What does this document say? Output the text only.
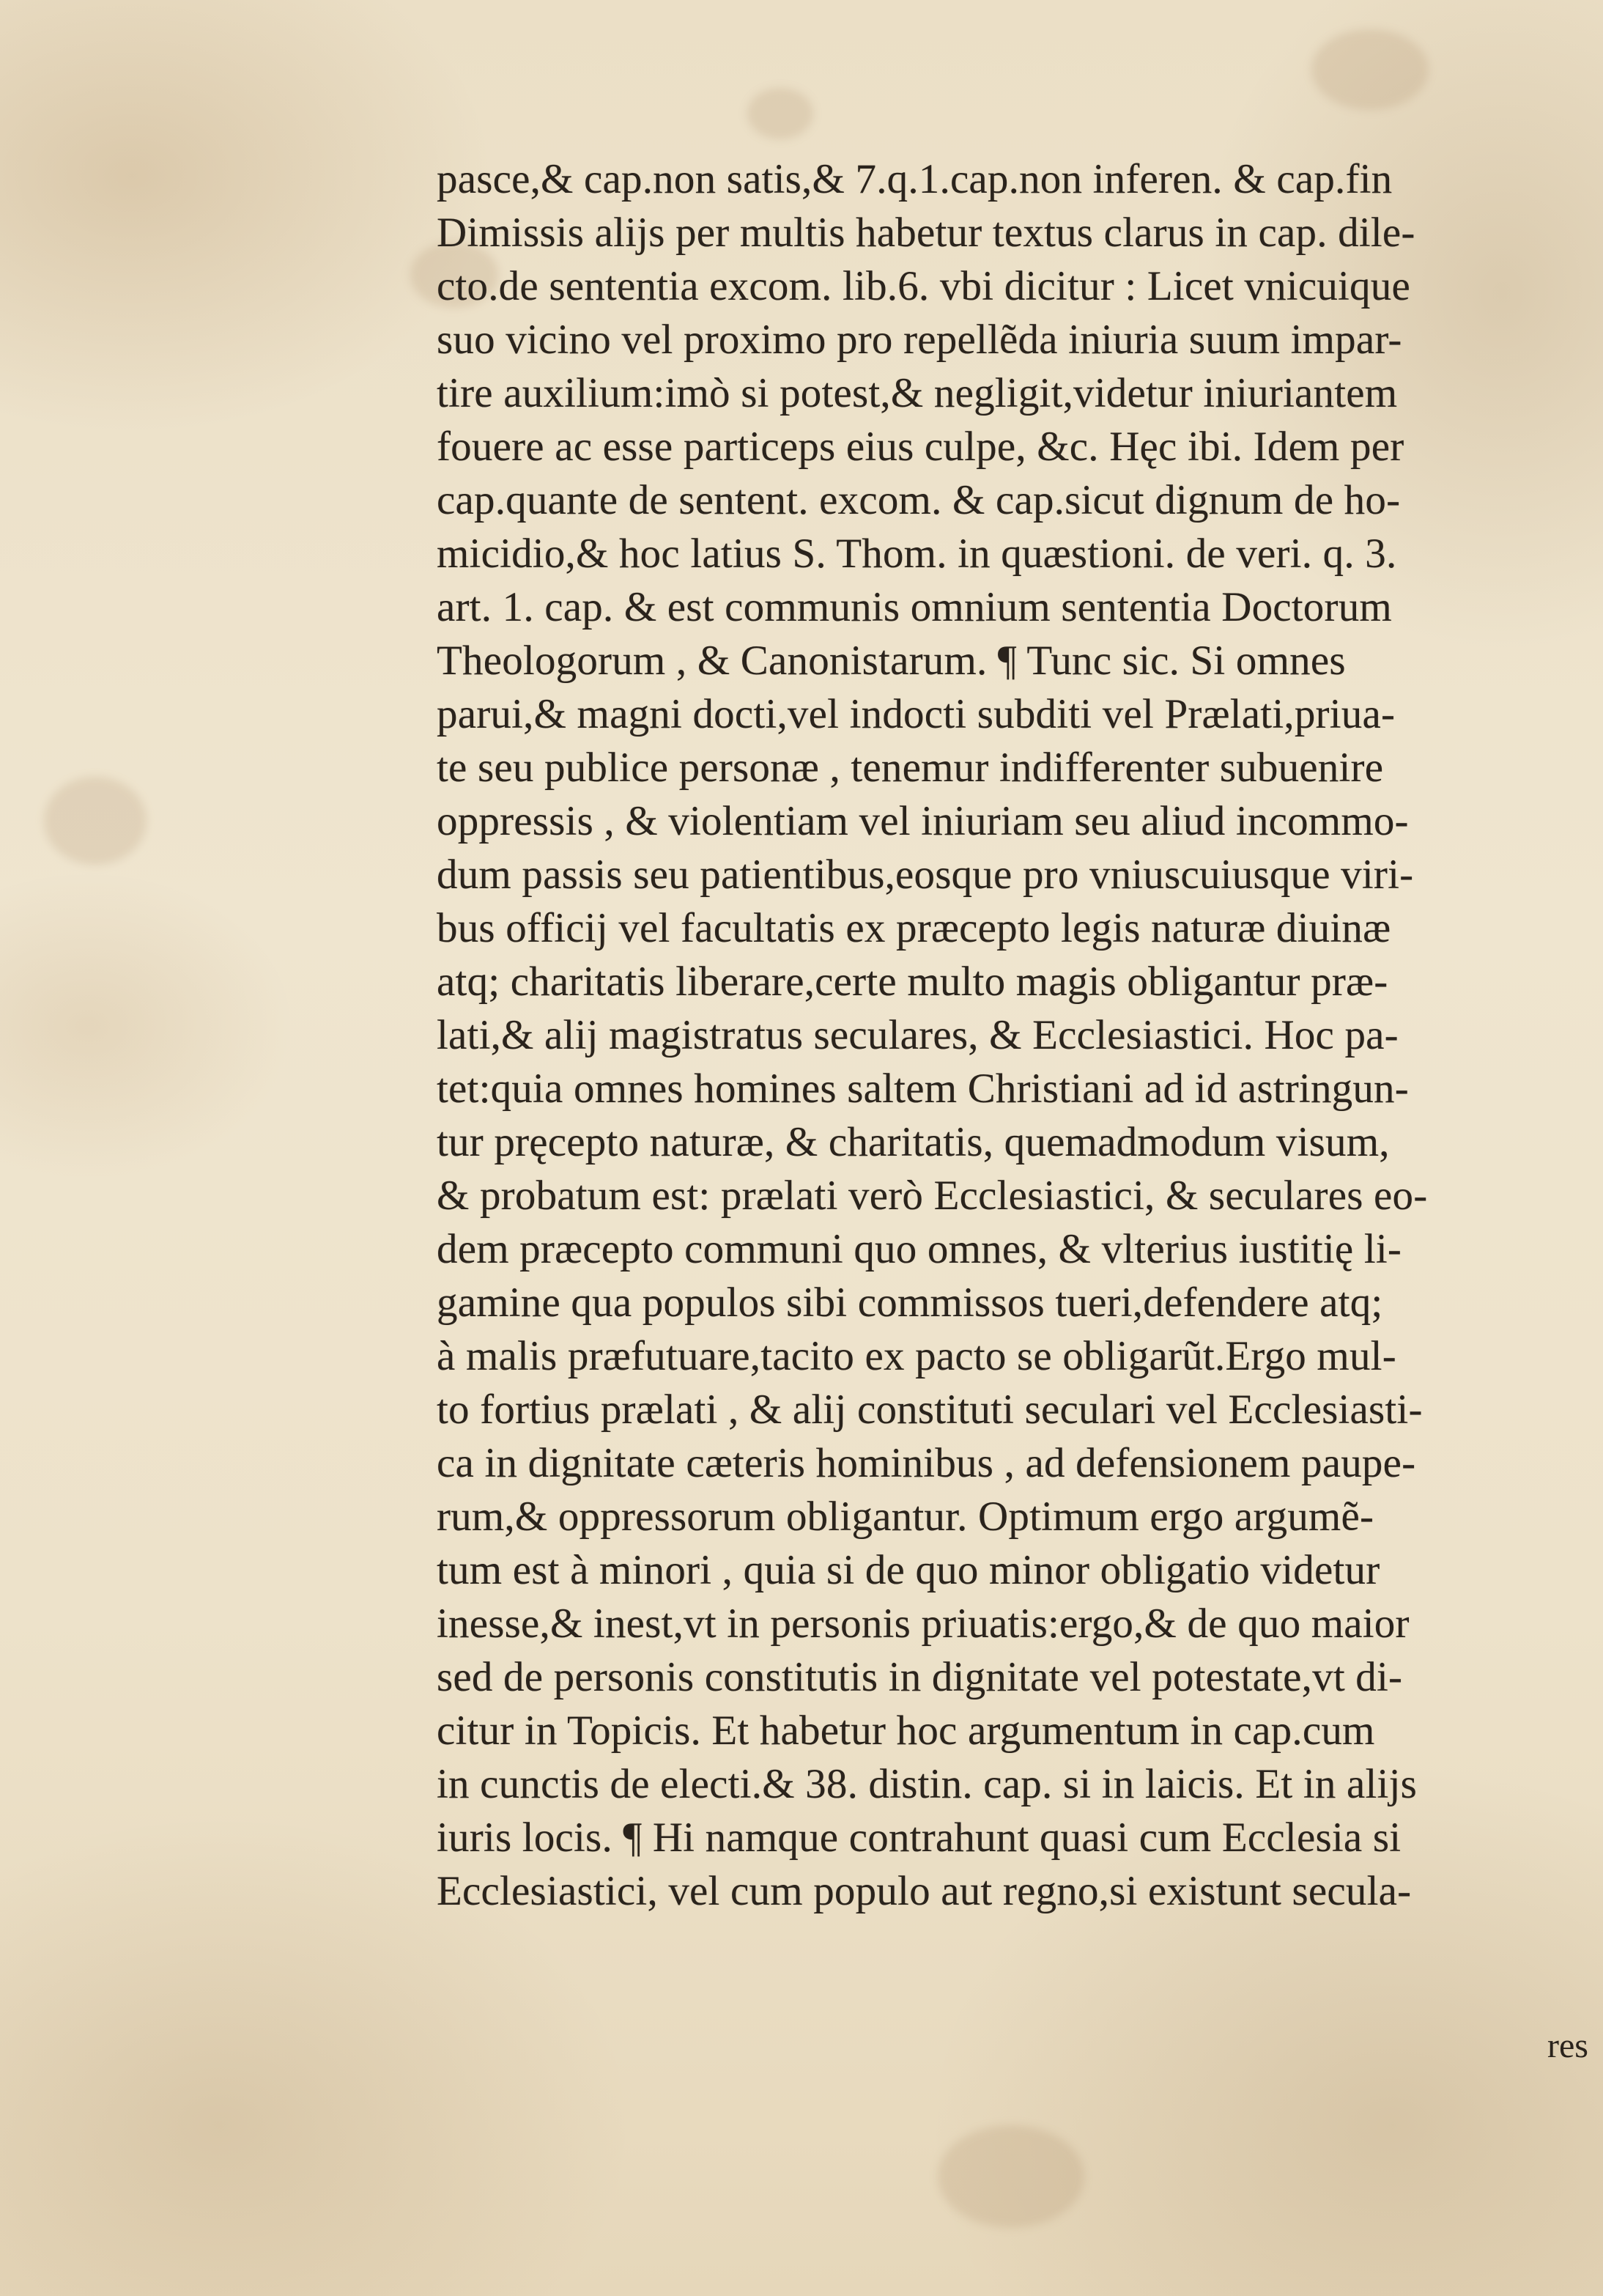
pasce,& cap.non satis,& 7.q.1.cap.non inferen. & cap.fin
Dimissis alijs per multis habetur textus clarus in cap. dile-
cto.de sententia excom. lib.6. vbi dicitur : Licet vnicuique
suo vicino vel proximo pro repellẽda iniuria suum impar-
tire auxilium:imò si potest,& negligit,videtur iniuriantem
fouere ac esse particeps eius culpe, &c. Hęc ibi. Idem per
cap.quante de sentent. excom. & cap.sicut dignum de ho-
micidio,& hoc latius S. Thom. in quæstioni. de veri. q. 3.
art. 1. cap. & est communis omnium sententia Doctorum
Theologorum , & Canonistarum. ¶ Tunc sic. Si omnes
parui,& magni docti,vel indocti subditi vel Prælati,priua-
te seu publice personæ , tenemur indifferenter subuenire
oppressis , & violentiam vel iniuriam seu aliud incommo-
dum passis seu patientibus,eosque pro vniuscuiusque viri-
bus officij vel facultatis ex præcepto legis naturæ diuinæ
atq; charitatis liberare,certe multo magis obligantur præ-
lati,& alij magistratus seculares, & Ecclesiastici. Hoc pa-
tet:quia omnes homines saltem Christiani ad id astringun-
tur pręcepto naturæ, & charitatis, quemadmodum visum,
& probatum est: prælati verò Ecclesiastici, & seculares eo-
dem præcepto communi quo omnes, & vlterius iustitię li-
gamine qua populos sibi commissos tueri,defendere atq;
à malis præfutuare,tacito ex pacto se obligarũt.Ergo mul-
to fortius prælati , & alij constituti seculari vel Ecclesiasti-
ca in dignitate cæteris hominibus , ad defensionem paupe-
rum,& oppressorum obligantur. Optimum ergo argumẽ-
tum est à minori , quia si de quo minor obligatio videtur
inesse,& inest,vt in personis priuatis:ergo,& de quo maior
sed de personis constitutis in dignitate vel potestate,vt di-
citur in Topicis. Et habetur hoc argumentum in cap.cum
in cunctis de electi.& 38. distin. cap. si in laicis. Et in alijs
iuris locis. ¶ Hi namque contrahunt quasi cum Ecclesia si
Ecclesiastici, vel cum populo aut regno,si existunt secula-

res
